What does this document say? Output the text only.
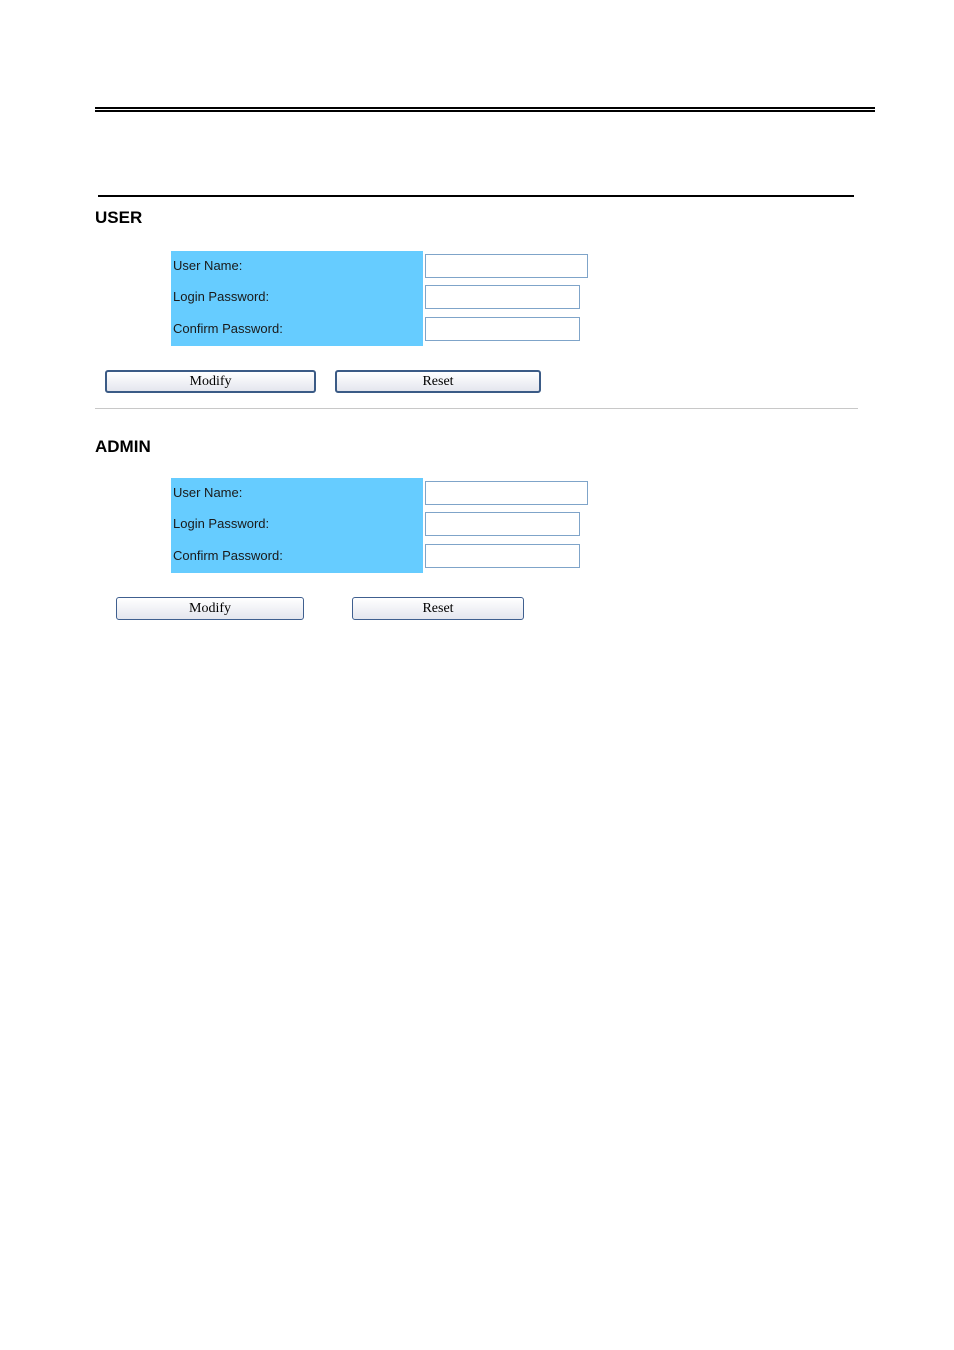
USER
User Name:
Login Password:
Confirm Password:
Modify	Reset
ADMIN
User Name:
Login Password:
Confirm Password:
Modify	Reset
